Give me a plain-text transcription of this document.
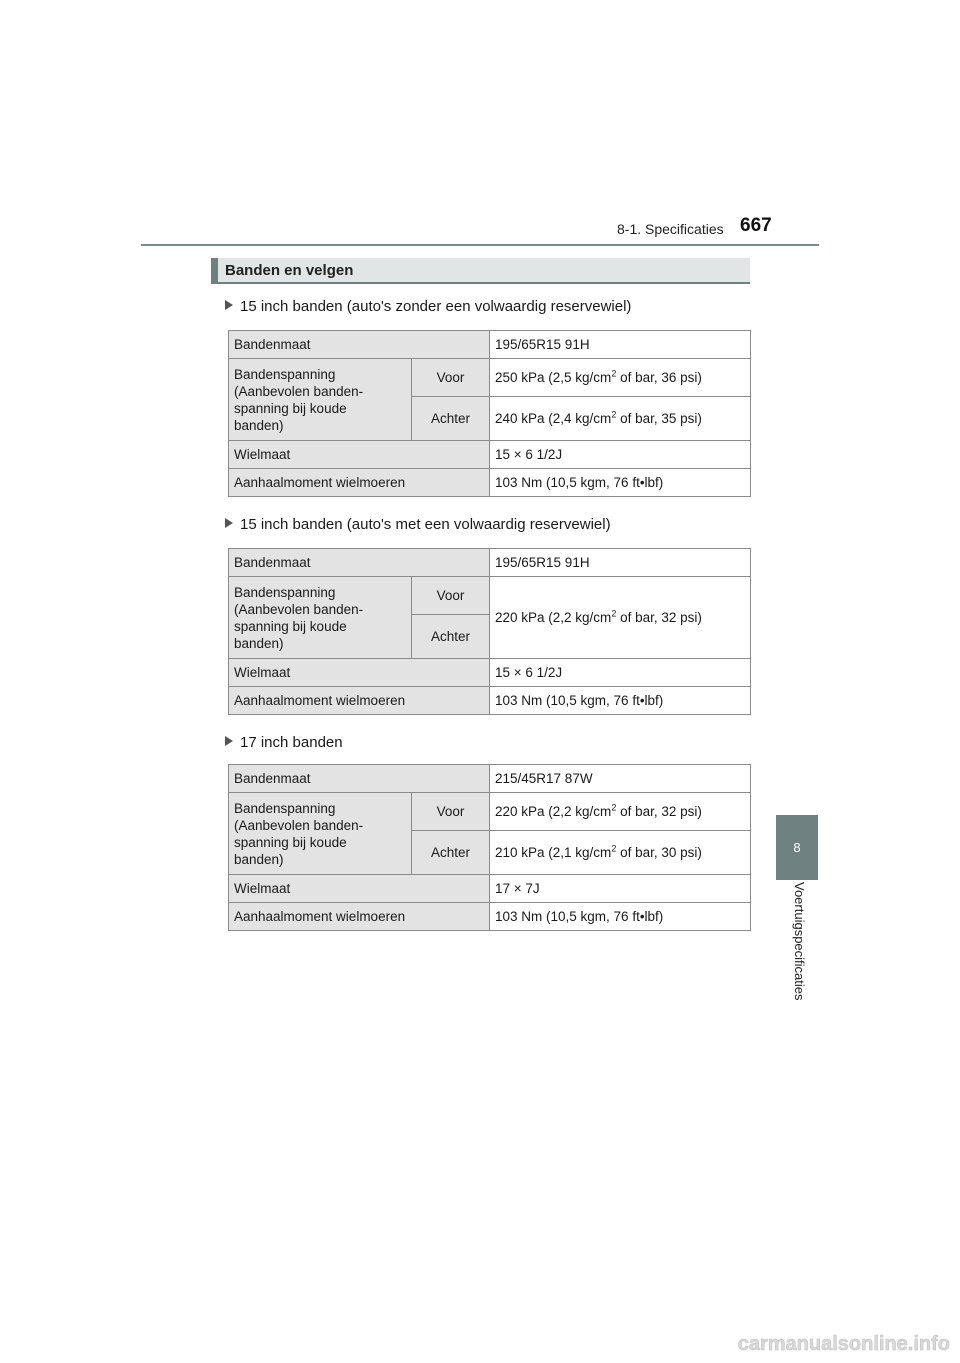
8-1. Specificaties 667
8
Voertuigspecificaties
Banden en velgen
15 inch banden (auto's zonder een volwaardig reservewiel)
Bandenmaat		195/65R15 91H
Bandenspanning
(Aanbevolen banden-
spanning bij koude
banden)	Voor	250 kPa (2,5 $kg/cm^2$ of bar, 36 psi)
	Achter	240 kPa (2,4 $kg/cm^2$ of bar, 35 psi)
Wielmaat		15 × 6 1/2J
Aanhaalmoment wielmoeren		103 Nm (10,5 kgm, 76 ft•lbf)
15 inch banden (auto's met een volwaardig reservewiel)
Bandenmaat		195/65R15 91H
Bandenspanning
(Aanbevolen banden-
spanning bij koude
banden)	Voor	220 kPa (2,2 $kg/cm^2$ of bar, 32 psi)
	Achter	
Wielmaat		15 × 6 1/2J
Aanhaalmoment wielmoeren		103 Nm (10,5 kgm, 76 ft•lbf)
17 inch banden
Bandenmaat		215/45R17 87W
Bandenspanning
(Aanbevolen banden-
spanning bij koude
banden)	Voor	220 kPa (2,2 $kg/cm^2$ of bar, 32 psi)
	Achter	210 kPa (2,1 $kg/cm^2$ of bar, 30 psi)
Wielmaat		17 × 7J
Aanhaalmoment wielmoeren		103 Nm (10,5 kgm, 76 ft•lbf)
carmanualsonline.info
